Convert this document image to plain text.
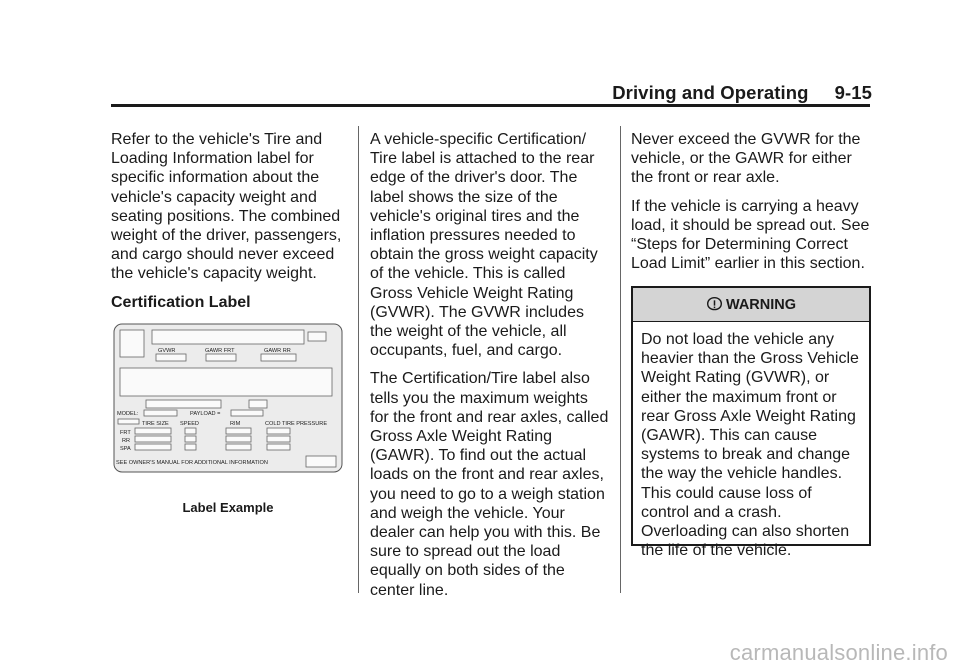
Driving and Operating 9-15

Refer to the vehicle's Tire and Loading Information label for specific information about the vehicle's capacity weight and seating positions. The combined weight of the driver, passengers, and cargo should never exceed the vehicle's capacity weight.

Certification Label

GVWR	GAWR FRT	GAWR RR
MODEL:	PAYLOAD =
TIRE SIZE SPEED	RIM	COLD TIRE PRESSURE
FRT
RR
SPA
SEE OWNER'S MANUAL FOR ADDITIONAL INFORMATION
Label Example

A vehicle-specific Certification/ Tire label is attached to the rear edge of the driver's door. The label shows the size of the vehicle's original tires and the inflation pressures needed to obtain the gross weight capacity of the vehicle. This is called Gross Vehicle Weight Rating (GVWR). The GVWR includes the weight of the vehicle, all occupants, fuel, and cargo.

The Certification/Tire label also tells you the maximum weights for the front and rear axles, called Gross Axle Weight Rating (GAWR). To find out the actual loads on the front and rear axles, you need to go to a weigh station and weigh the vehicle. Your dealer can help you with this. Be sure to spread out the load equally on both sides of the center line.

Never exceed the GVWR for the vehicle, or the GAWR for either the front or rear axle.

If the vehicle is carrying a heavy load, it should be spread out. See “Steps for Determining Correct Load Limit” earlier in this section.

WARNING
Do not load the vehicle any heavier than the Gross Vehicle Weight Rating (GVWR), or either the maximum front or rear Gross Axle Weight Rating (GAWR). This can cause systems to break and change the way the vehicle handles. This could cause loss of control and a crash. Overloading can also shorten the life of the vehicle.
carmanualsonline.info
